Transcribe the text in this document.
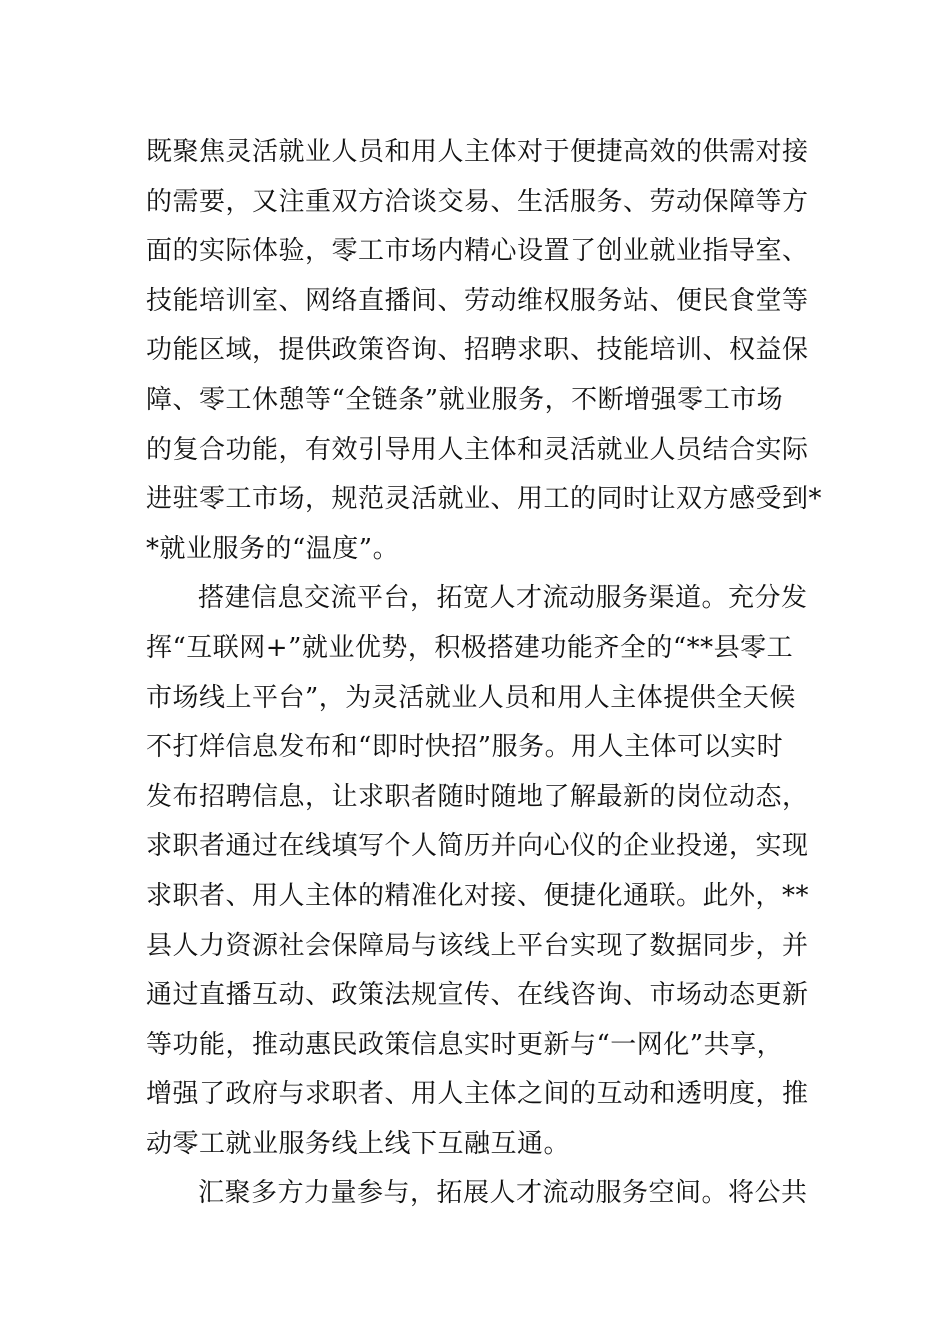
既聚焦灵活就业人员和用人主体对于便捷高效的供需对接
的需要，又注重双方洽谈交易、生活服务、劳动保障等方
面的实际体验，零工市场内精心设置了创业就业指导室、
技能培训室、网络直播间、劳动维权服务站、便民食堂等
功能区域，提供政策咨询、招聘求职、技能培训、权益保
障、零工休憩等“全链条”就业服务，不断增强零工市场
的复合功能，有效引导用人主体和灵活就业人员结合实际
进驻零工市场，规范灵活就业、用工的同时让双方感受到*
*就业服务的“温度”。
搭建信息交流平台，拓宽人才流动服务渠道。充分发
挥“互联网+”就业优势，积极搭建功能齐全的“**县零工
市场线上平台”，为灵活就业人员和用人主体提供全天候
不打烊信息发布和“即时快招”服务。用人主体可以实时
发布招聘信息，让求职者随时随地了解最新的岗位动态，
求职者通过在线填写个人简历并向心仪的企业投递，实现
求职者、用人主体的精准化对接、便捷化通联。此外，**
县人力资源社会保障局与该线上平台实现了数据同步，并
通过直播互动、政策法规宣传、在线咨询、市场动态更新
等功能，推动惠民政策信息实时更新与“一网化”共享，
增强了政府与求职者、用人主体之间的互动和透明度，推
动零工就业服务线上线下互融互通。
汇聚多方力量参与，拓展人才流动服务空间。将公共
